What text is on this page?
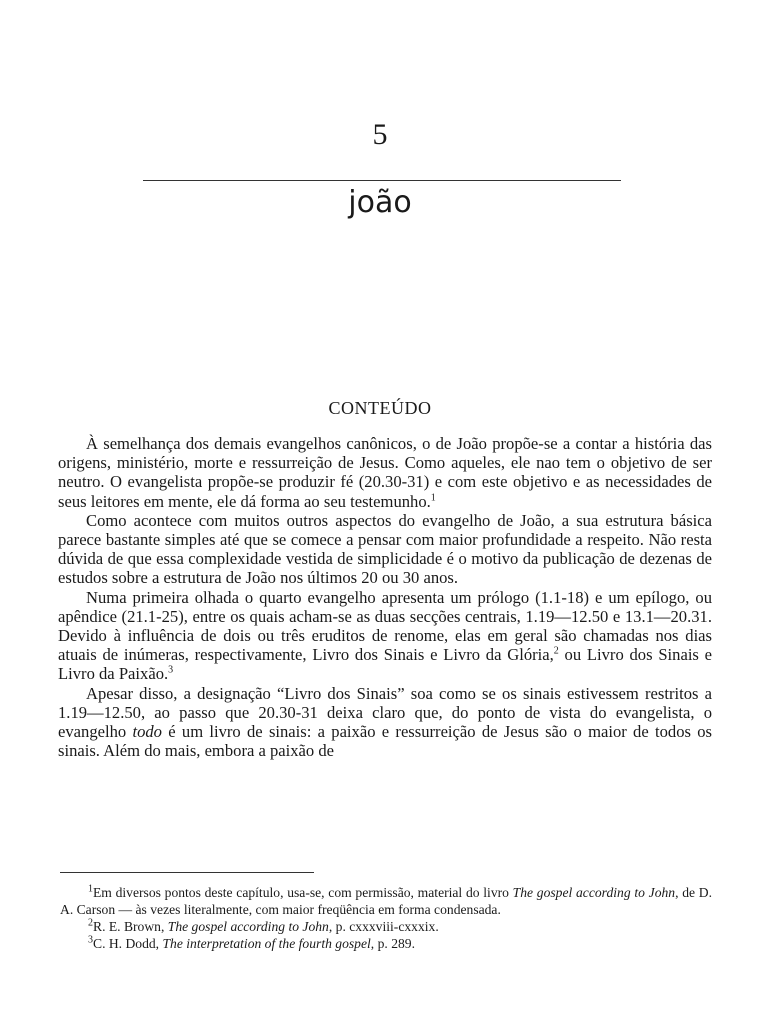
5
joão
CONTEÚDO

À semelhança dos demais evangelhos canônicos, o de João propõe-se a contar a história das origens, ministério, morte e ressurreição de Jesus. Como aqueles, ele nao tem o objetivo de ser neutro. O evangelista propõe-se produzir fé (20.30-31) e com este objetivo e as necessidades de seus leitores em mente, ele dá forma ao seu testemunho.$^1$

Como acontece com muitos outros aspectos do evangelho de João, a sua estrutura básica parece bastante simples até que se comece a pensar com maior profundidade a respeito. Não resta dúvida de que essa complexidade vestida de simplicidade é o motivo da publicação de dezenas de estudos sobre a estrutura de João nos últimos 20 ou 30 anos.

Numa primeira olhada o quarto evangelho apresenta um prólogo (1.1-18) e um epílogo, ou apêndice (21.1-25), entre os quais acham-se as duas secções centrais, 1.19—12.50 e 13.1—20.31. Devido à influência de dois ou três eruditos de renome, elas em geral são chamadas nos dias atuais de inúmeras, respectivamente, Livro dos Sinais e Livro da Glória,$^2$ ou Livro dos Sinais e Livro da Paixão.$^3$

Apesar disso, a designação “Livro dos Sinais” soa como se os sinais estivessem restritos a 1.19—12.50, ao passo que 20.30-31 deixa claro que, do ponto de vista do evangelista, o evangelho todo é um livro de sinais: a paixão e ressurreição de Jesus são o maior de todos os sinais. Além do mais, embora a paixão de

$^1$Em diversos pontos deste capítulo, usa-se, com permissão, material do livro The gospel according to John, de D. A. Carson — às vezes literalmente, com maior freqüência em forma condensada.

$^2$R. E. Brown, The gospel according to John, p. cxxxviii-cxxxix.

$^3$C. H. Dodd, The interpretation of the fourth gospel, p. 289.
